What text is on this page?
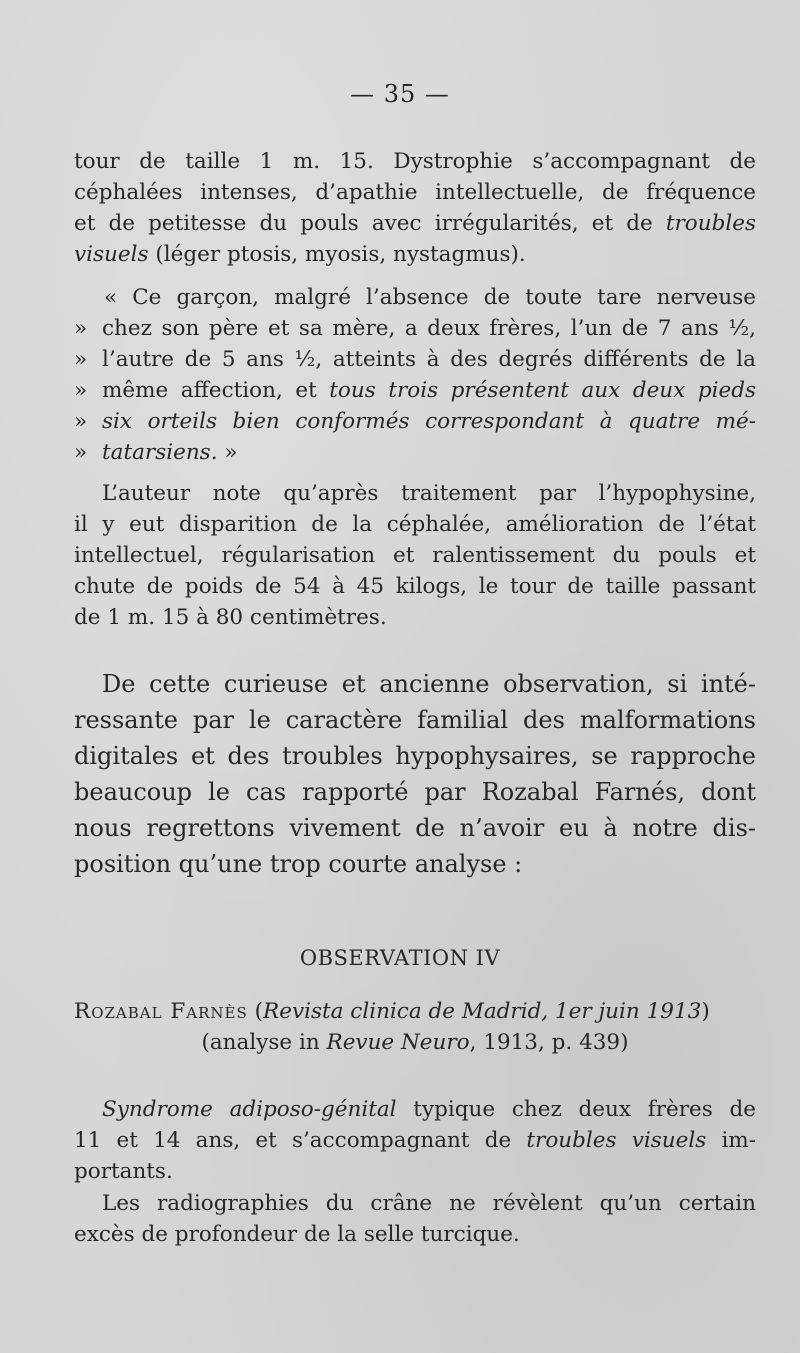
— 35 —
tour de taille 1 m. 15. Dystrophie s’accompagnant de
céphalées intenses, d’apathie intellectuelle, de fréquence
et de petitesse du pouls avec irrégularités, et de troubles
visuels (léger ptosis, myosis, nystagmus).
« Ce garçon, malgré l’absence de toute tare nerveuse
» chez son père et sa mère, a deux frères, l’un de 7 ans ½,
» l’autre de 5 ans ½, atteints à des degrés différents de la
» même affection, et tous trois présentent aux deux pieds
» six orteils bien conformés correspondant à quatre mé-
» tatarsiens. »
L’auteur note qu’après traitement par l’hypophysine,
il y eut disparition de la céphalée, amélioration de l’état
intellectuel, régularisation et ralentissement du pouls et
chute de poids de 54 à 45 kilogs, le tour de taille passant
de 1 m. 15 à 80 centimètres.
De cette curieuse et ancienne observation, si inté-
ressante par le caractère familial des malformations
digitales et des troubles hypophysaires, se rapproche
beaucoup le cas rapporté par Rozabal Farnés, dont
nous regrettons vivement de n’avoir eu à notre dis-
position qu’une trop courte analyse :
OBSERVATION IV
Rozabal Farnès (Revista clinica de Madrid, 1er juin 1913)
(analyse in Revue Neuro, 1913, p. 439)
Syndrome adiposo-génital typique chez deux frères de
11 et 14 ans, et s’accompagnant de troubles visuels im-
portants.
Les radiographies du crâne ne révèlent qu’un certain
excès de profondeur de la selle turcique.
